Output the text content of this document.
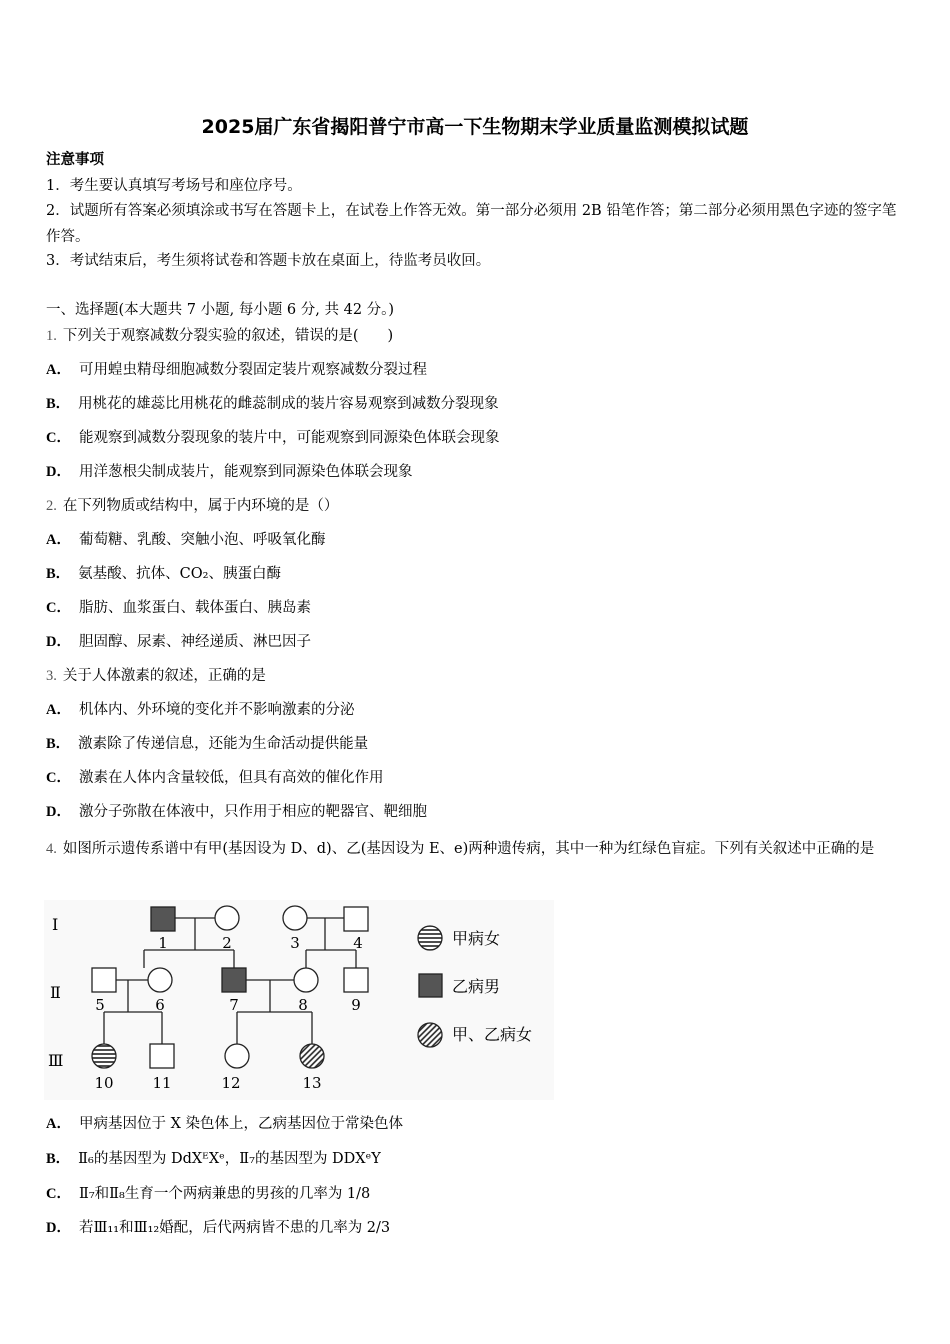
2025届广东省揭阳普宁市高一下生物期末学业质量监测模拟试题
注意事项
1．考生要认真填写考场号和座位序号。
2．试题所有答案必须填涂或书写在答题卡上，在试卷上作答无效。第一部分必须用 2B 铅笔作答；第二部分必须用黑色字迹的签字笔作答。
3．考试结束后，考生须将试卷和答题卡放在桌面上，待监考员收回。
一、选择题(本大题共 7 小题, 每小题 6 分, 共 42 分。)
1. 下列关于观察减数分裂实验的叙述，错误的是(　　)
A． 可用蝗虫精母细胞减数分裂固定装片观察减数分裂过程
B． 用桃花的雄蕊比用桃花的雌蕊制成的装片容易观察到减数分裂现象
C． 能观察到减数分裂现象的装片中，可能观察到同源染色体联会现象
D． 用洋葱根尖制成装片，能观察到同源染色体联会现象
2. 在下列物质或结构中，属于内环境的是（）
A． 葡萄糖、乳酸、突触小泡、呼吸氧化酶
B． 氨基酸、抗体、CO₂、胰蛋白酶
C． 脂肪、血浆蛋白、载体蛋白、胰岛素
D． 胆固醇、尿素、神经递质、淋巴因子
3. 关于人体激素的叙述，正确的是
A． 机体内、外环境的变化并不影响激素的分泌
B． 激素除了传递信息，还能为生命活动提供能量
C． 激素在人体内含量较低，但具有高效的催化作用
D． 激分子弥散在体液中，只作用于相应的靶器官、靶细胞
4. 如图所示遗传系谱中有甲(基因设为 D、d)、乙(基因设为 E、e)两种遗传病，其中一种为红绿色盲症。下列有关叙述中正确的是
Ⅰ
Ⅱ
Ⅲ
1	2	3	4
5	6	7	8	9
10	11	12	13
甲病女
乙病男
甲、乙病女
A． 甲病基因位于 X 染色体上，乙病基因位于常染色体
B． Ⅱ₆的基因型为 DdXᴱXᵉ，Ⅱ₇的基因型为 DDXᵉY
C． Ⅱ₇和Ⅱ₈生育一个两病兼患的男孩的几率为 1/8
D． 若Ⅲ₁₁和Ⅲ₁₂婚配，后代两病皆不患的几率为 2/3
